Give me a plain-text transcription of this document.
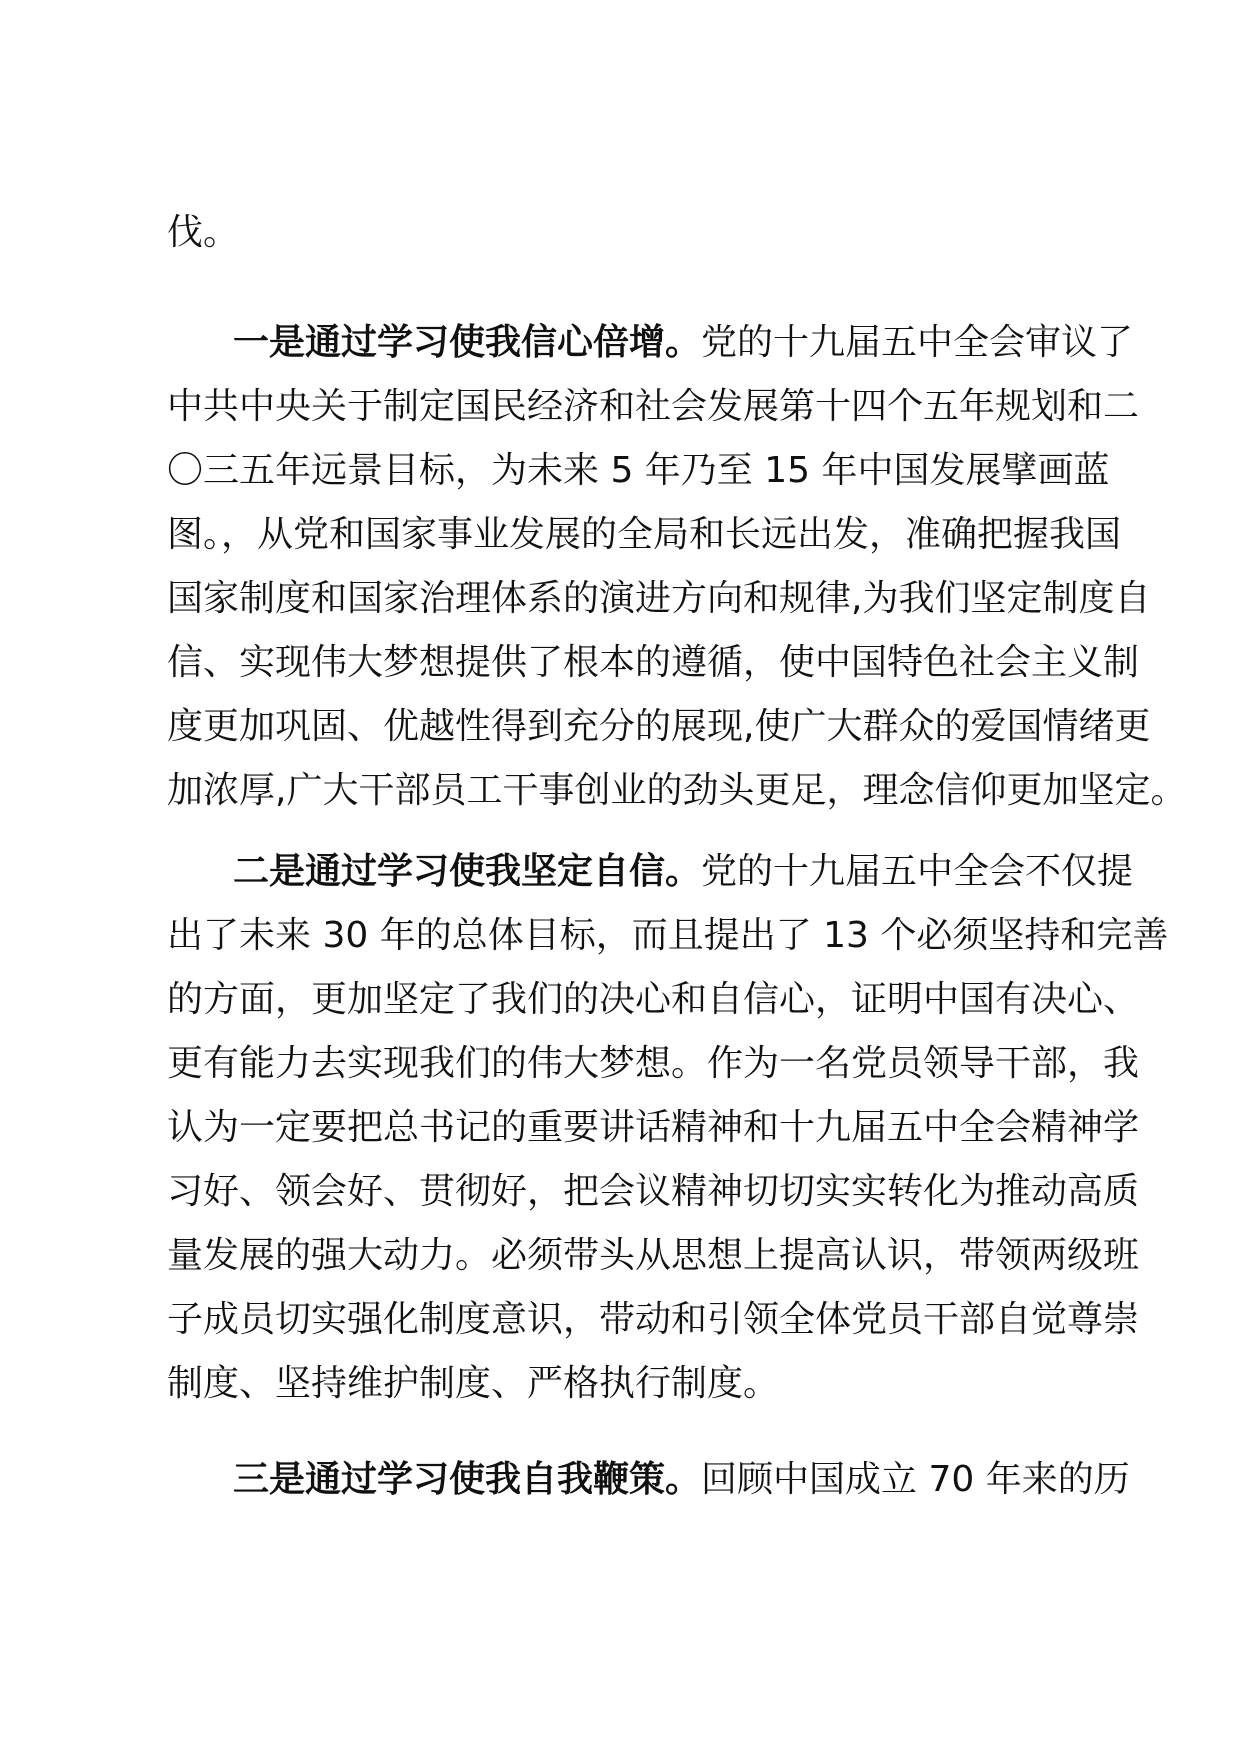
伐。
一是通过学习使我信心倍增。党的十九届五中全会审议了
中共中央关于制定国民经济和社会发展第十四个五年规划和二
〇三五年远景目标，为未来 5 年乃至 15 年中国发展擘画蓝
图。，从党和国家事业发展的全局和长远出发，准确把握我国
国家制度和国家治理体系的演进方向和规律,为我们坚定制度自
信、实现伟大梦想提供了根本的遵循，使中国特色社会主义制
度更加巩固、优越性得到充分的展现,使广大群众的爱国情绪更
加浓厚,广大干部员工干事创业的劲头更足，理念信仰更加坚定。
二是通过学习使我坚定自信。党的十九届五中全会不仅提
出了未来 30 年的总体目标，而且提出了 13 个必须坚持和完善
的方面，更加坚定了我们的决心和自信心，证明中国有决心、
更有能力去实现我们的伟大梦想。作为一名党员领导干部，我
认为一定要把总书记的重要讲话精神和十九届五中全会精神学
习好、领会好、贯彻好，把会议精神切切实实转化为推动高质
量发展的强大动力。必须带头从思想上提高认识，带领两级班
子成员切实强化制度意识，带动和引领全体党员干部自觉尊崇
制度、坚持维护制度、严格执行制度。
三是通过学习使我自我鞭策。回顾中国成立 70 年来的历
